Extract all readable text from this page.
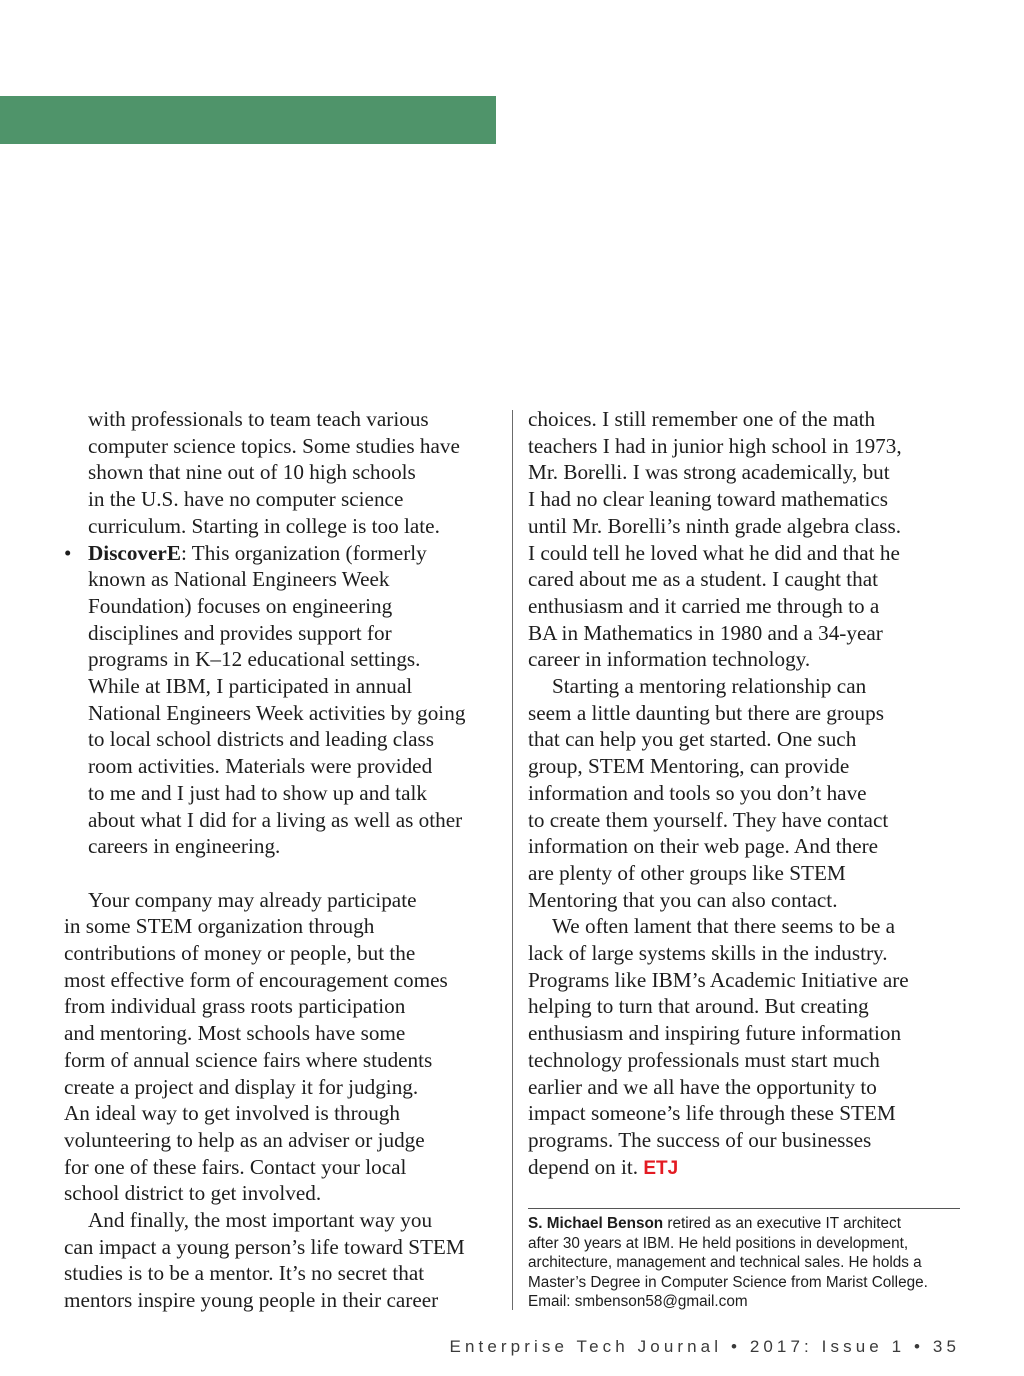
with professionals to team teach various
computer science topics. Some studies have
shown that nine out of 10 high schools
in the U.S. have no computer science
curriculum. Starting in college is too late.
• DiscoverE: This organization (formerly
known as National Engineers Week
Foundation) focuses on engineering
disciplines and provides support for
programs in K–12 educational settings.
While at IBM, I participated in annual
National Engineers Week activities by going
to local school districts and leading class
room activities. Materials were provided
to me and I just had to show up and talk
about what I did for a living as well as other
careers in engineering.
Your company may already participate
in some STEM organization through
contributions of money or people, but the
most effective form of encouragement comes
from individual grass roots participation
and mentoring. Most schools have some
form of annual science fairs where students
create a project and display it for judging.
An ideal way to get involved is through
volunteering to help as an adviser or judge
for one of these fairs. Contact your local
school district to get involved.
And finally, the most important way you
can impact a young person’s life toward STEM
studies is to be a mentor. It’s no secret that
mentors inspire young people in their career
choices. I still remember one of the math
teachers I had in junior high school in 1973,
Mr. Borelli. I was strong academically, but
I had no clear leaning toward mathematics
until Mr. Borelli’s ninth grade algebra class.
I could tell he loved what he did and that he
cared about me as a student. I caught that
enthusiasm and it carried me through to a
BA in Mathematics in 1980 and a 34-year
career in information technology.
Starting a mentoring relationship can
seem a little daunting but there are groups
that can help you get started. One such
group, STEM Mentoring, can provide
information and tools so you don’t have
to create them yourself. They have contact
information on their web page. And there
are plenty of other groups like STEM
Mentoring that you can also contact.
We often lament that there seems to be a
lack of large systems skills in the industry.
Programs like IBM’s Academic Initiative are
helping to turn that around. But creating
enthusiasm and inspiring future information
technology professionals must start much
earlier and we all have the opportunity to
impact someone’s life through these STEM
programs. The success of our businesses
depend on it. ETJ
S. Michael Benson retired as an executive IT architect
after 30 years at IBM. He held positions in development,
architecture, management and technical sales. He holds a
Master’s Degree in Computer Science from Marist College.
Email: smbenson58@gmail.com
Enterprise Tech Journal • 2017: Issue 1 • 35
